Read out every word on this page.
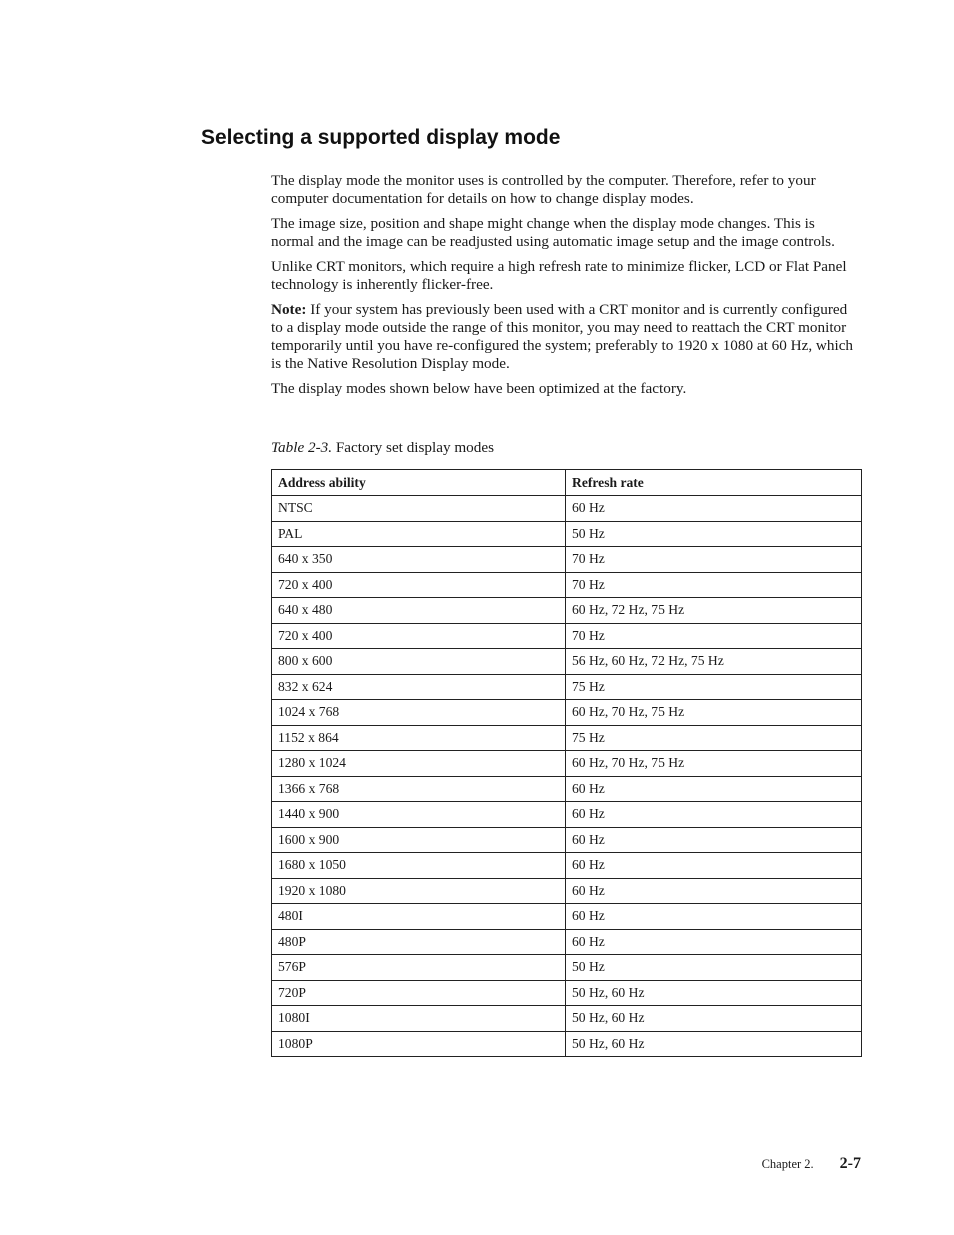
Selecting a supported display mode

The display mode the monitor uses is controlled by the computer. Therefore, refer to your computer documentation for details on how to change display modes.

The image size, position and shape might change when the display mode changes. This is normal and the image can be readjusted using automatic image setup and the image controls.

Unlike CRT monitors, which require a high refresh rate to minimize flicker, LCD or Flat Panel technology is inherently flicker-free.

Note: If your system has previously been used with a CRT monitor and is currently configured to a display mode outside the range of this monitor, you may need to reattach the CRT monitor temporarily until you have re-configured the system; preferably to 1920 x 1080 at 60 Hz, which is the Native Resolution Display mode.

The display modes shown below have been optimized at the factory.

Table 2-3. Factory set display modes

Address ability	Refresh rate
NTSC	60 Hz
PAL	50 Hz
640 x 350	70 Hz
720 x 400	70 Hz
640 x 480	60 Hz, 72 Hz, 75 Hz
720 x 400	70 Hz
800 x 600	56 Hz, 60 Hz, 72 Hz, 75 Hz
832 x 624	75 Hz
1024 x 768	60 Hz, 70 Hz, 75 Hz
1152 x 864	75 Hz
1280 x 1024	60 Hz, 70 Hz, 75 Hz
1366 x 768	60 Hz
1440 x 900	60 Hz
1600 x 900	60 Hz
1680 x 1050	60 Hz
1920 x 1080	60 Hz
480I	60 Hz
480P	60 Hz
576P	50 Hz
720P	50 Hz, 60 Hz
1080I	50 Hz, 60 Hz
1080P	50 Hz, 60 Hz
Chapter 2. 2-7
